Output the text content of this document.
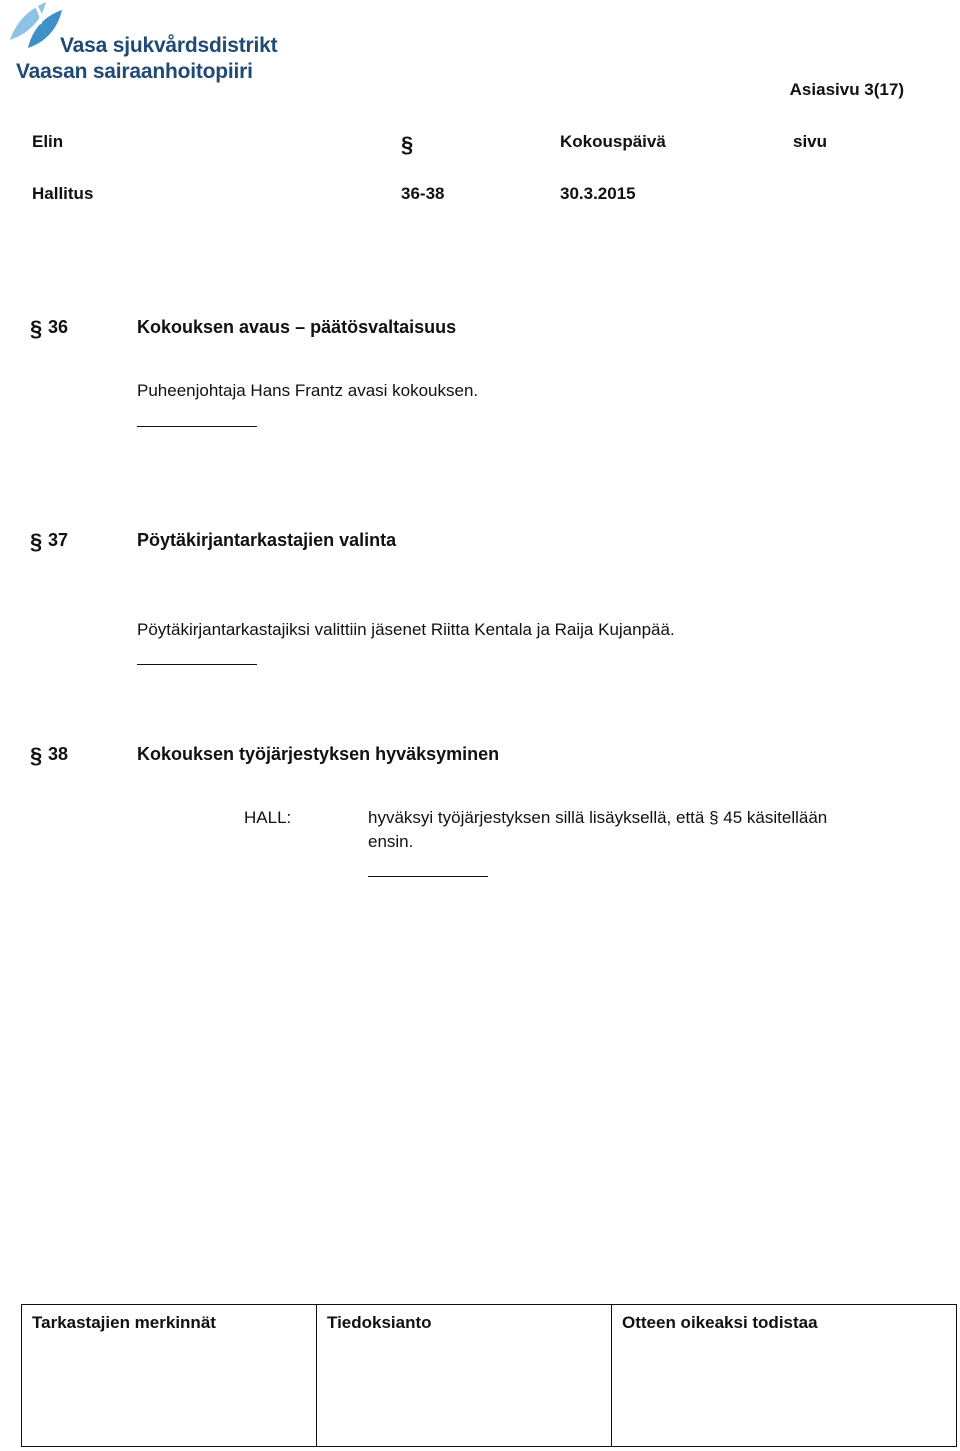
Vasa sjukvårdsdistrikt
Vaasan sairaanhoitopiiri
Asiasivu 3(17)
Elin	§	Kokouspäivä	sivu
Hallitus	36-38	30.3.2015
§ 36	Kokouksen avaus – päätösvaltaisuus
Puheenjohtaja Hans Frantz avasi kokouksen.
§ 37	Pöytäkirjantarkastajien valinta
Pöytäkirjantarkastajiksi valittiin jäsenet Riitta Kentala ja Raija Kujanpää.
§ 38	Kokouksen työjärjestyksen hyväksyminen
HALL:	hyväksyi työjärjestyksen sillä lisäyksellä, että § 45 käsitellään
ensin.
Tarkastajien merkinnät	Tiedoksianto	Otteen oikeaksi todistaa
